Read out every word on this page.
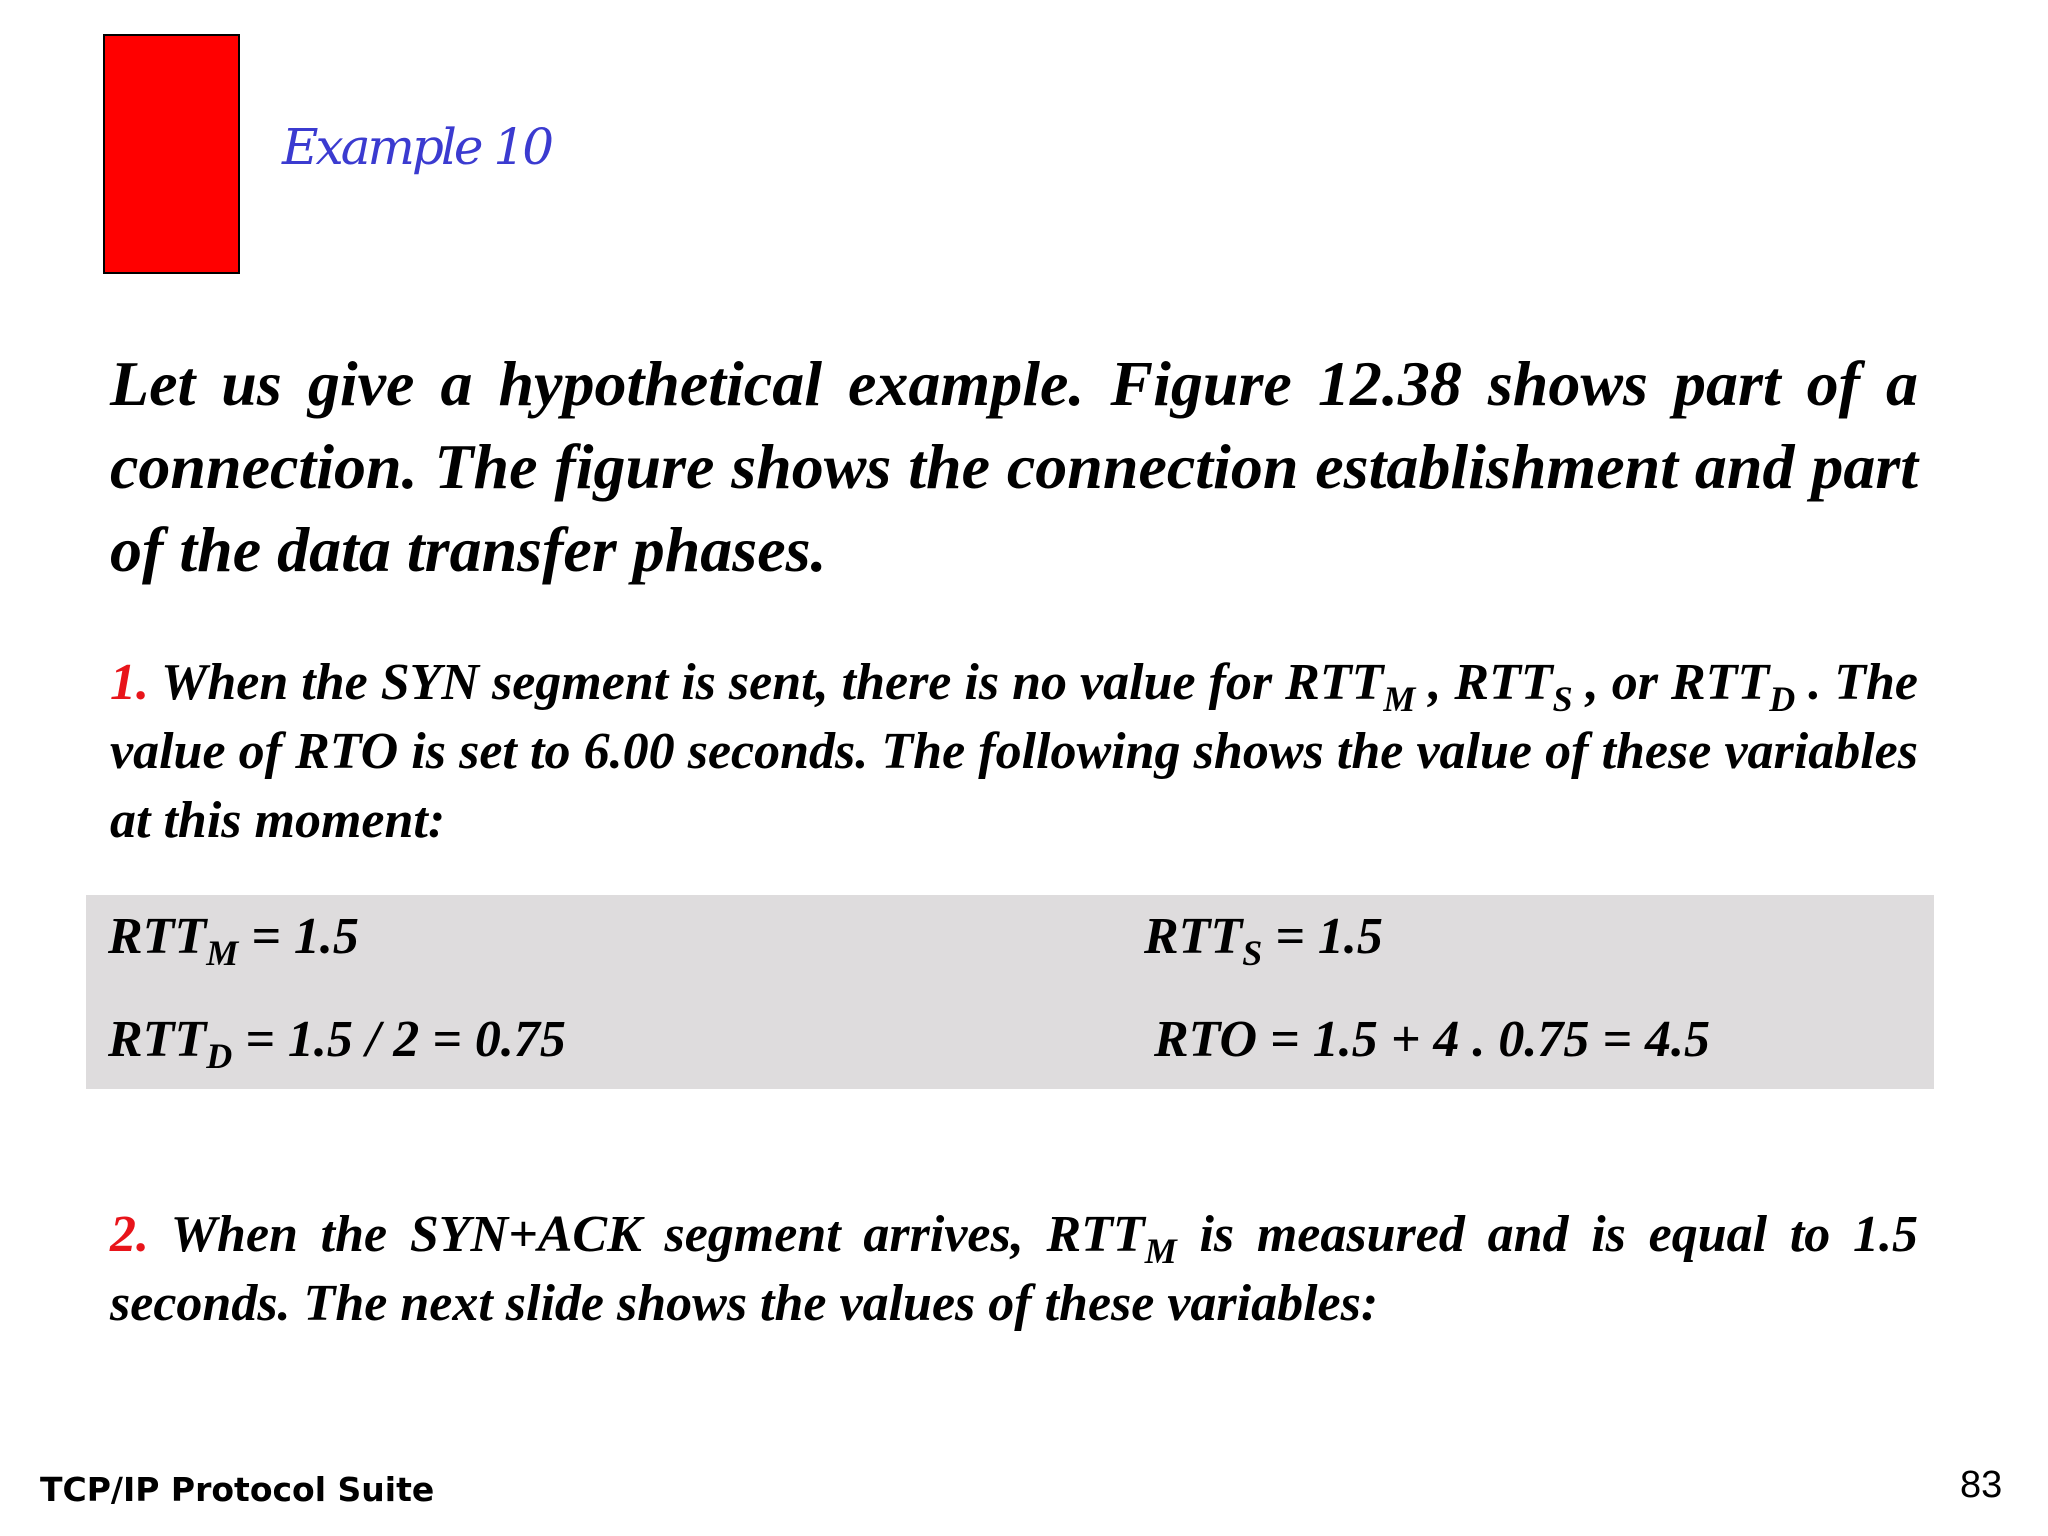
Example 10

Let us give a hypothetical example. Figure 12.38 shows part of a connection. The figure shows the connection establishment and part of the data transfer phases.

1. When the SYN segment is sent, there is no value for $RTT_M$ , $RTT_S$ , or $RTT_D$ . The value of RTO is set to 6.00 seconds. The following shows the value of these variables at this moment:

$RTT_M = 1.5$	$RTT_S = 1.5$
$RTT_D = 1.5 / 2 = 0.75$	RTO = 1.5 + 4 . 0.75 = 4.5

2. When the SYN+ACK segment arrives, $RTT_M$ is measured and is equal to 1.5 seconds. The next slide shows the values of these variables:

TCP/IP Protocol Suite	83
